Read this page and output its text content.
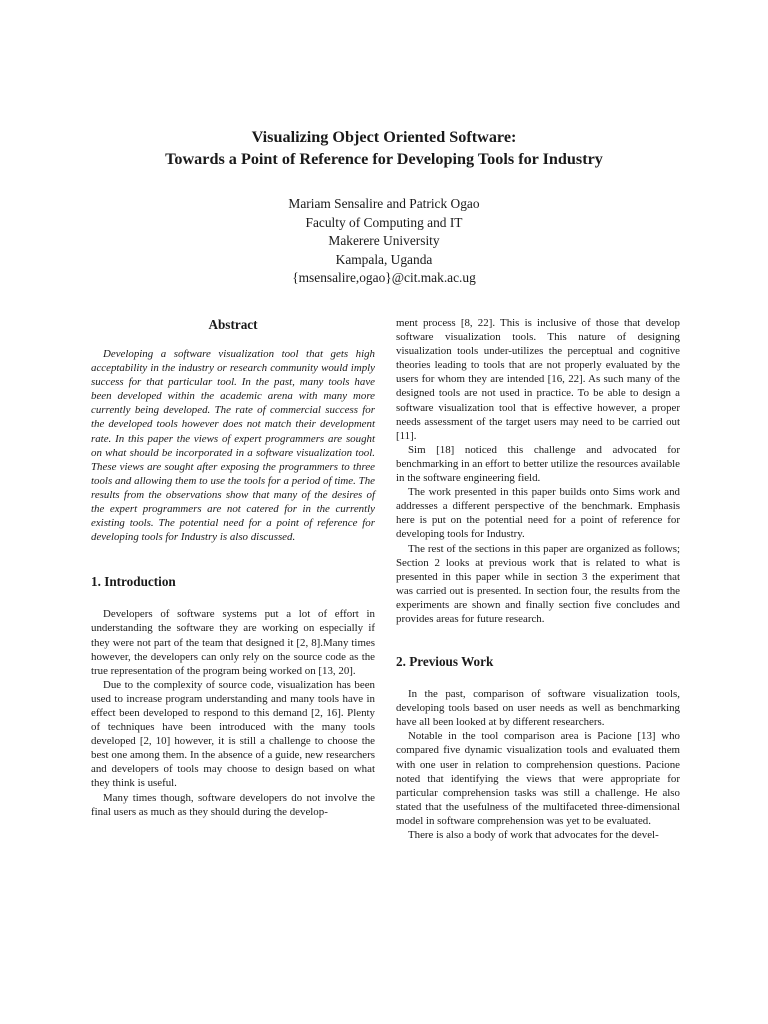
Visualizing Object Oriented Software:
Towards a Point of Reference for Developing Tools for Industry
Mariam Sensalire and Patrick Ogao
Faculty of Computing and IT
Makerere University
Kampala, Uganda
{msensalire,ogao}@cit.mak.ac.ug
Abstract

Developing a software visualization tool that gets high acceptability in the industry or research community would imply success for that particular tool. In the past, many tools have been developed within the academic arena with many more currently being developed. The rate of commercial success for the developed tools however does not match their development rate. In this paper the views of expert programmers are sought on what should be incorporated in a software visualization tool. These views are sought after exposing the programmers to three tools and allowing them to use the tools for a period of time. The results from the observations show that many of the desires of the expert programmers are not catered for in the currently existing tools. The potential need for a point of reference for developing tools for Industry is also discussed.

1. Introduction

Developers of software systems put a lot of effort in understanding the software they are working on especially if they were not part of the team that designed it [2, 8].Many times however, the developers can only rely on the source code as the true representation of the program being worked on [13, 20].

Due to the complexity of source code, visualization has been used to increase program understanding and many tools have in effect been developed to respond to this demand [2, 16]. Plenty of techniques have been introduced with the many tools developed [2, 10] however, it is still a challenge to choose the best one among them. In the absence of a guide, new researchers and developers of tools may choose to design based on what they think is useful.

Many times though, software developers do not involve the final users as much as they should during the develop-

ment process [8, 22]. This is inclusive of those that develop software visualization tools. This nature of designing visualization tools under-utilizes the perceptual and cognitive theories leading to tools that are not properly evaluated by the users for whom they are intended [16, 22]. As such many of the designed tools are not used in practice. To be able to design a software visualization tool that is effective however, a proper needs assessment of the target users may need to be carried out [11].

Sim [18] noticed this challenge and advocated for benchmarking in an effort to better utilize the resources available in the software engineering field.

The work presented in this paper builds onto Sims work and addresses a different perspective of the benchmark. Emphasis here is put on the potential need for a point of reference for developing tools for Industry.

The rest of the sections in this paper are organized as follows; Section 2 looks at previous work that is related to what is presented in this paper while in section 3 the experiment that was carried out is presented. In section four, the results from the experiments are shown and finally section five concludes and provides areas for future research.

2. Previous Work

In the past, comparison of software visualization tools, developing tools based on user needs as well as benchmarking have all been looked at by different researchers.

Notable in the tool comparison area is Pacione [13] who compared five dynamic visualization tools and evaluated them with one user in relation to comprehension questions. Pacione noted that identifying the views that were appropriate for particular comprehension tasks was still a challenge. He also stated that the usefulness of the multifaceted three-dimensional model in software comprehension was yet to be evaluated.

There is also a body of work that advocates for the devel-
